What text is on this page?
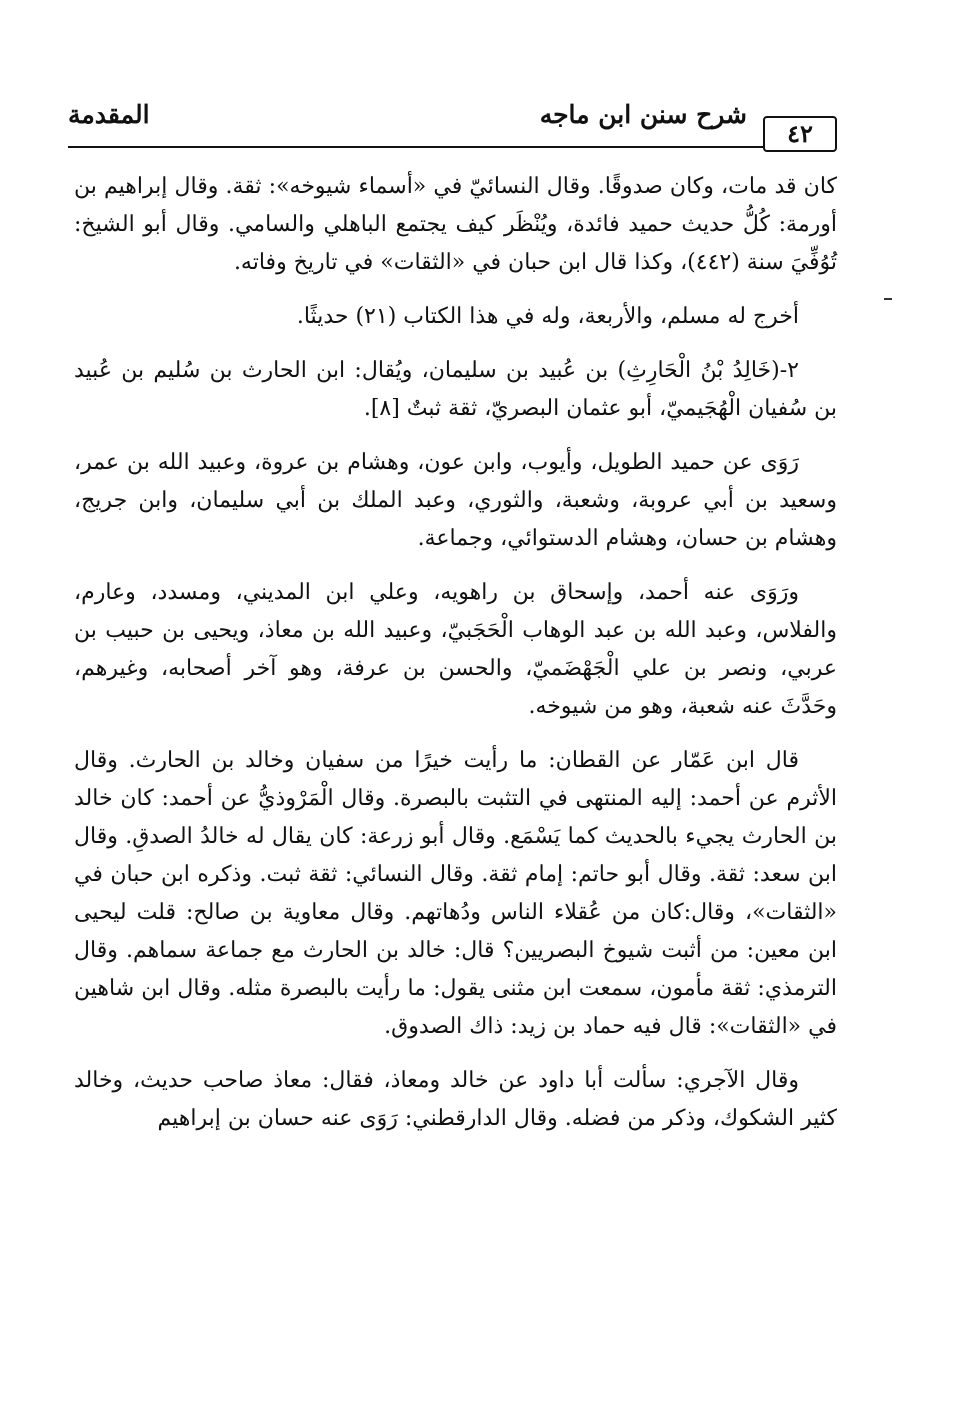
٤٢
شرح سنن ابن ماجه
المقدمة

كان قد مات، وكان صدوقًا. وقال النسائيّ في «أسماء شيوخه»: ثقة. وقال إبراهيم بن أورمة: كُلُّ حديث حميد فائدة، ويُنْظَر كيف يجتمع الباهلي والسامي. وقال أبو الشيخ: تُوُفِّيَ سنة (٤٤٢)، وكذا قال ابن حبان في «الثقات» في تاريخ وفاته.

أخرج له مسلم، والأربعة، وله في هذا الكتاب (٢١) حديثًا.

٢-(خَالِدُ بْنُ الْحَارِثِ) بن عُبيد بن سليمان، ويُقال: ابن الحارث بن سُليم بن عُبيد بن سُفيان الْهُجَيميّ، أبو عثمان البصريّ، ثقة ثبتٌ [٨].

رَوَى عن حميد الطويل، وأيوب، وابن عون، وهشام بن عروة، وعبيد الله بن عمر، وسعيد بن أبي عروبة، وشعبة، والثوري، وعبد الملك بن أبي سليمان، وابن جريج، وهشام بن حسان، وهشام الدستوائي، وجماعة.

ورَوَى عنه أحمد، وإسحاق بن راهويه، وعلي ابن المديني، ومسدد، وعارم، والفلاس، وعبد الله بن عبد الوهاب الْحَجَبيّ، وعبيد الله بن معاذ، ويحيى بن حبيب بن عربي، ونصر بن علي الْجَهْضَميّ، والحسن بن عرفة، وهو آخر أصحابه، وغيرهم، وحَدَّثَ عنه شعبة، وهو من شيوخه.

قال ابن عَمّار عن القطان: ما رأيت خيرًا من سفيان وخالد بن الحارث. وقال الأثرم عن أحمد: إليه المنتهى في التثبت بالبصرة. وقال الْمَرْوذيُّ عن أحمد: كان خالد بن الحارث يجيء بالحديث كما يَسْمَع. وقال أبو زرعة: كان يقال له خالدُ الصدقِ. وقال ابن سعد: ثقة. وقال أبو حاتم: إمام ثقة. وقال النسائي: ثقة ثبت. وذكره ابن حبان في «الثقات»، وقال:كان من عُقلاء الناس ودُهاتهم. وقال معاوية بن صالح: قلت ليحيى ابن معين: من أثبت شيوخ البصريين؟ قال: خالد بن الحارث مع جماعة سماهم. وقال الترمذي: ثقة مأمون، سمعت ابن مثنى يقول: ما رأيت بالبصرة مثله. وقال ابن شاهين في «الثقات»: قال فيه حماد بن زيد: ذاك الصدوق.

وقال الآجري: سألت أبا داود عن خالد ومعاذ، فقال: معاذ صاحب حديث، وخالد كثير الشكوك، وذكر من فضله. وقال الدارقطني: رَوَى عنه حسان بن إبراهيم
